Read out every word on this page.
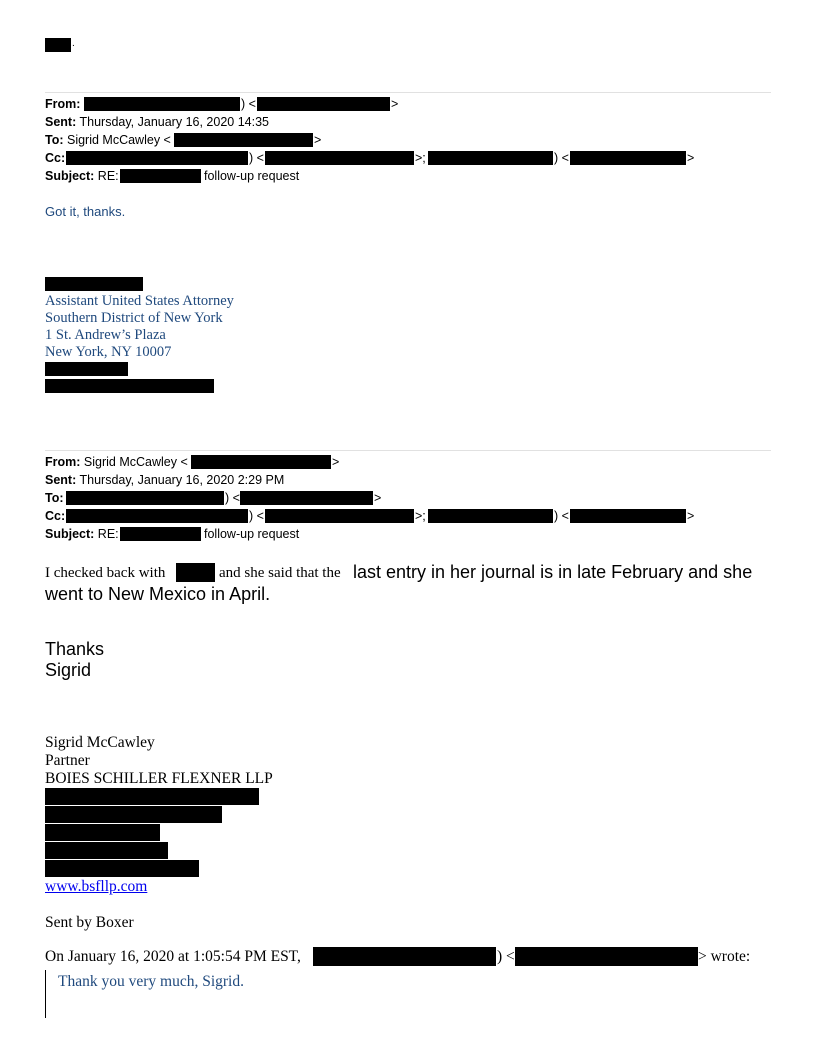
.
From:	) <	>
Sent: Thursday, January 16, 2020 14:35
To: Sigrid McCawley <	>
Cc:	) <	>;	) <	>
Subject: RE:	follow-up request
Got it, thanks.
Assistant United States Attorney
Southern District of New York
1 St. Andrew’s Plaza
New York, NY 10007
From: Sigrid McCawley <	>
Sent: Thursday, January 16, 2020 2:29 PM
To:	) <	>
Cc:	) <	>;	) <	>
Subject: RE:	follow-up request
I checked back with	and she said that the last entry in her journal is in late February and she
went to New Mexico in April.
Thanks
Sigrid
Sigrid McCawley
Partner
BOIES SCHILLER FLEXNER LLP
www.bsfllp.com
Sent by Boxer
On January 16, 2020 at 1:05:54 PM EST,	) <	> wrote:
Thank you very much, Sigrid.
